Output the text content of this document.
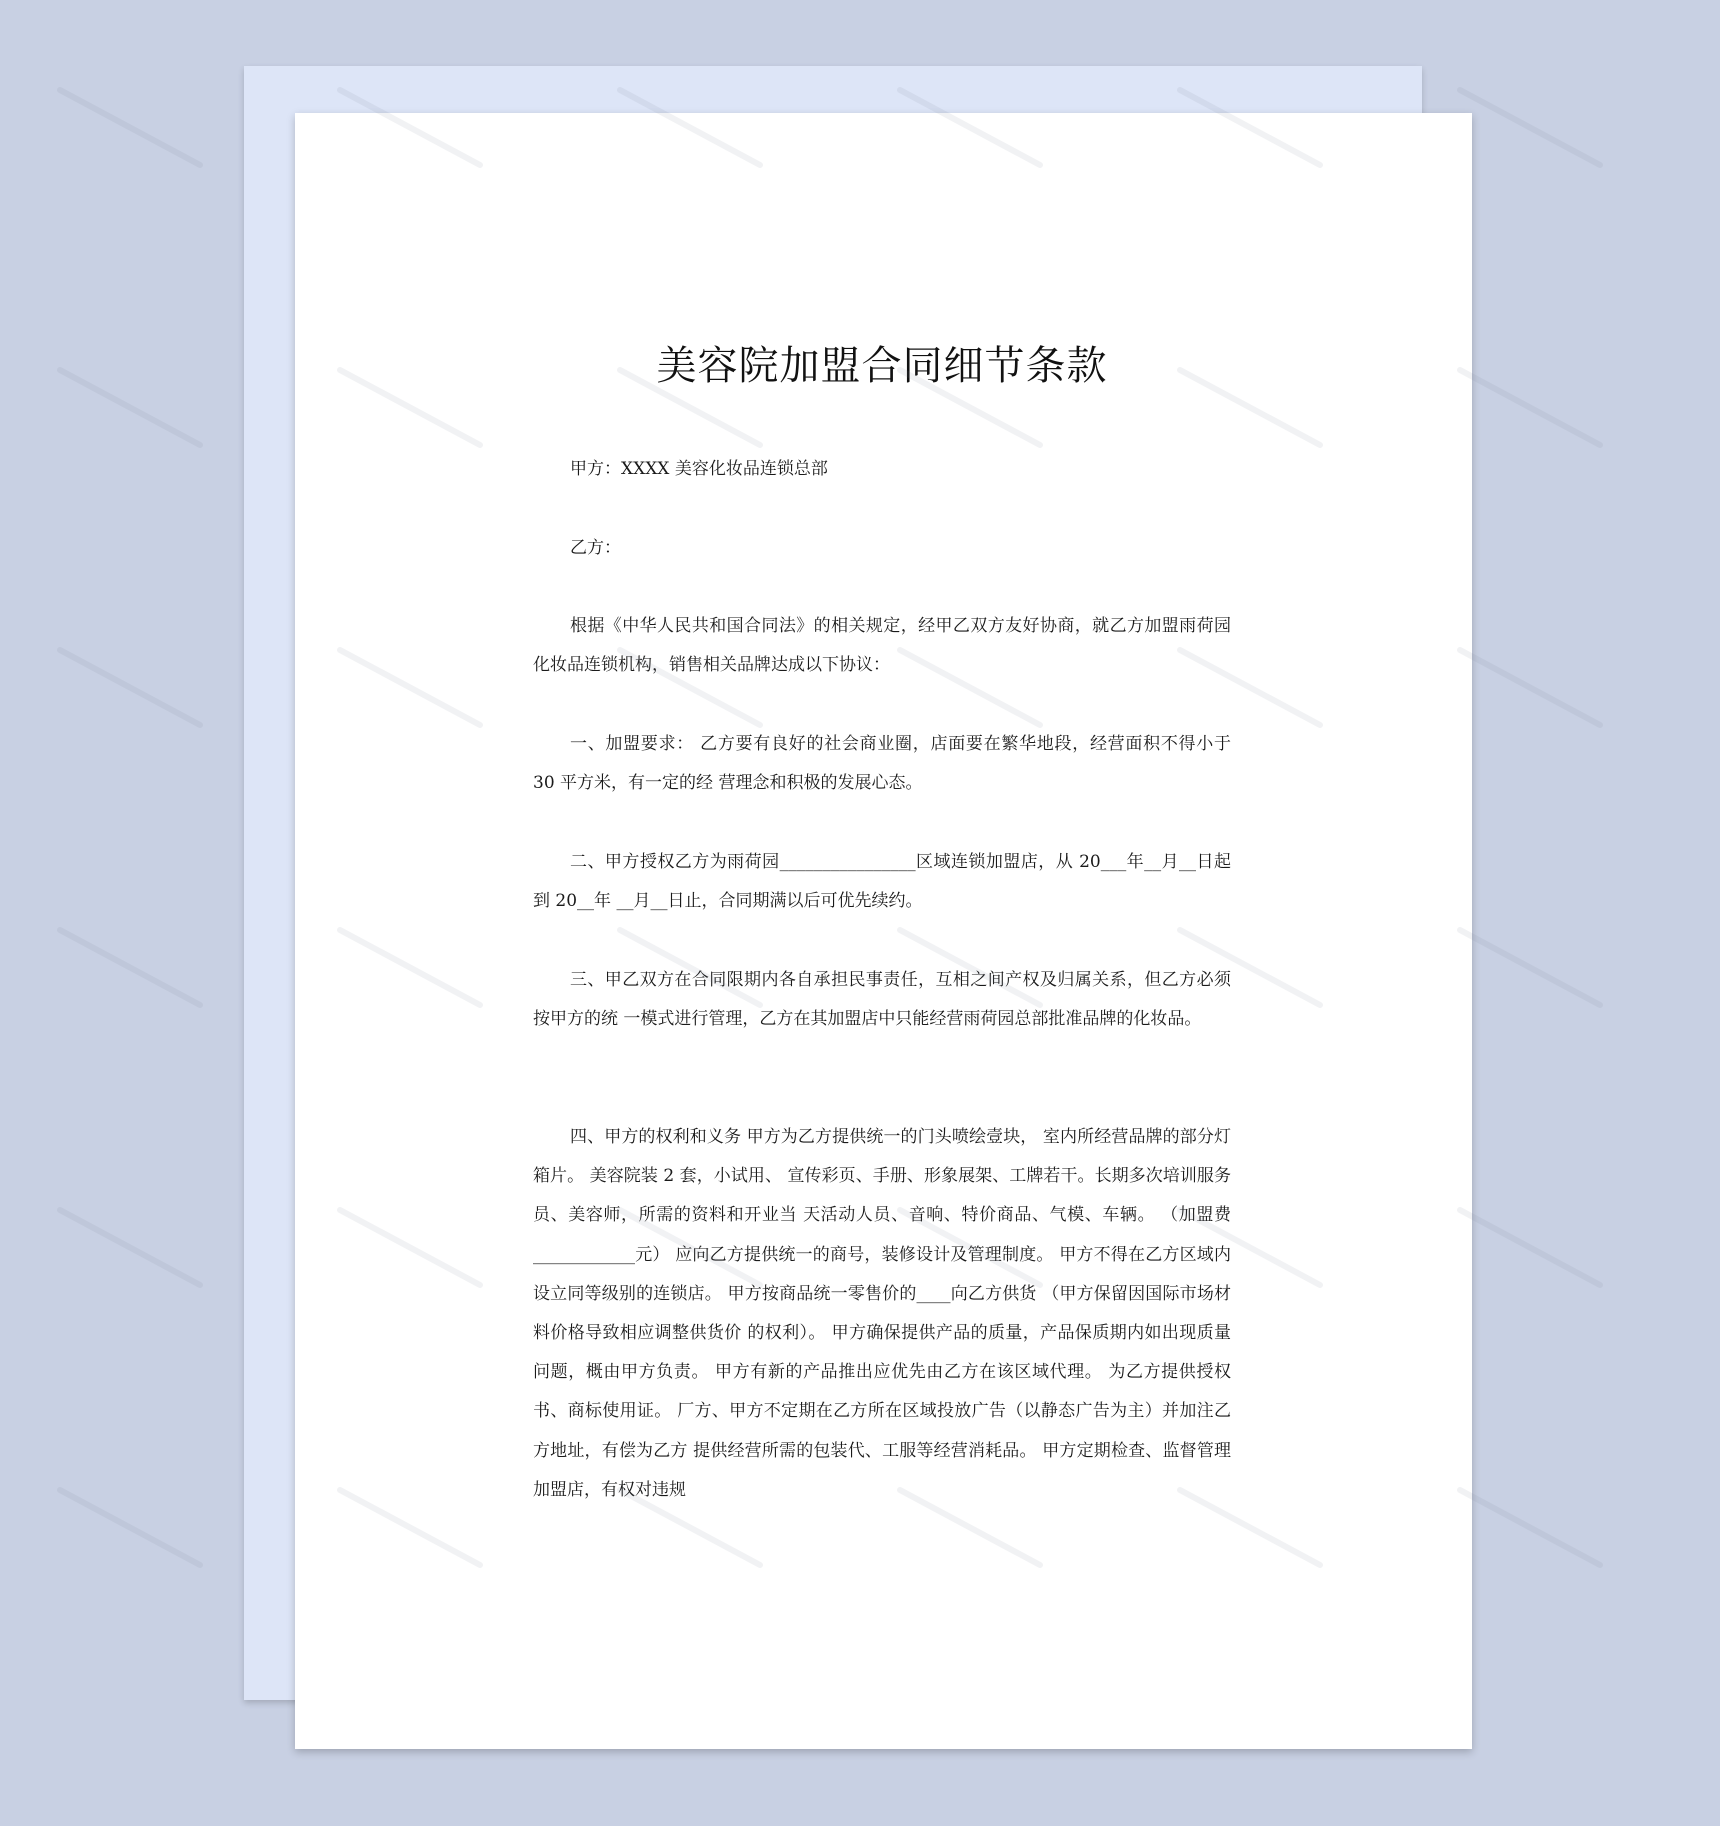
美容院加盟合同细节条款

甲方：XXXX 美容化妆品连锁总部

乙方：

根据《中华人民共和国合同法》的相关规定，经甲乙双方友好协商，就乙方加盟雨荷园化妆品连锁机构，销售相关品牌达成以下协议：

一、加盟要求： 乙方要有良好的社会商业圈，店面要在繁华地段，经营面积不得小于 30 平方米，有一定的经 营理念和积极的发展心态。

二、甲方授权乙方为雨荷园________________区域连锁加盟店，从 20___年__月__日起到 20__年 __月__日止，合同期满以后可优先续约。

三、甲乙双方在合同限期内各自承担民事责任，互相之间产权及归属关系，但乙方必须按甲方的统 一模式进行管理，乙方在其加盟店中只能经营雨荷园总部批准品牌的化妆品。

四、甲方的权利和义务 甲方为乙方提供统一的门头喷绘壹块， 室内所经营品牌的部分灯箱片。 美容院装 2 套，小试用、 宣传彩页、手册、形象展架、工牌若干。长期多次培训服务员、美容师，所需的资料和开业当 天活动人员、音响、特价商品、气模、车辆。 （加盟费____________元） 应向乙方提供统一的商号，装修设计及管理制度。 甲方不得在乙方区域内设立同等级别的连锁店。 甲方按商品统一零售价的____向乙方供货 （甲方保留因国际市场材料价格导致相应调整供货价 的权利）。 甲方确保提供产品的质量，产品保质期内如出现质量问题，概由甲方负责。 甲方有新的产品推出应优先由乙方在该区域代理。 为乙方提供授权书、商标使用证。 厂方、甲方不定期在乙方所在区域投放广告（以静态广告为主）并加注乙方地址，有偿为乙方 提供经营所需的包装代、工服等经营消耗品。 甲方定期检查、监督管理加盟店，有权对违规
